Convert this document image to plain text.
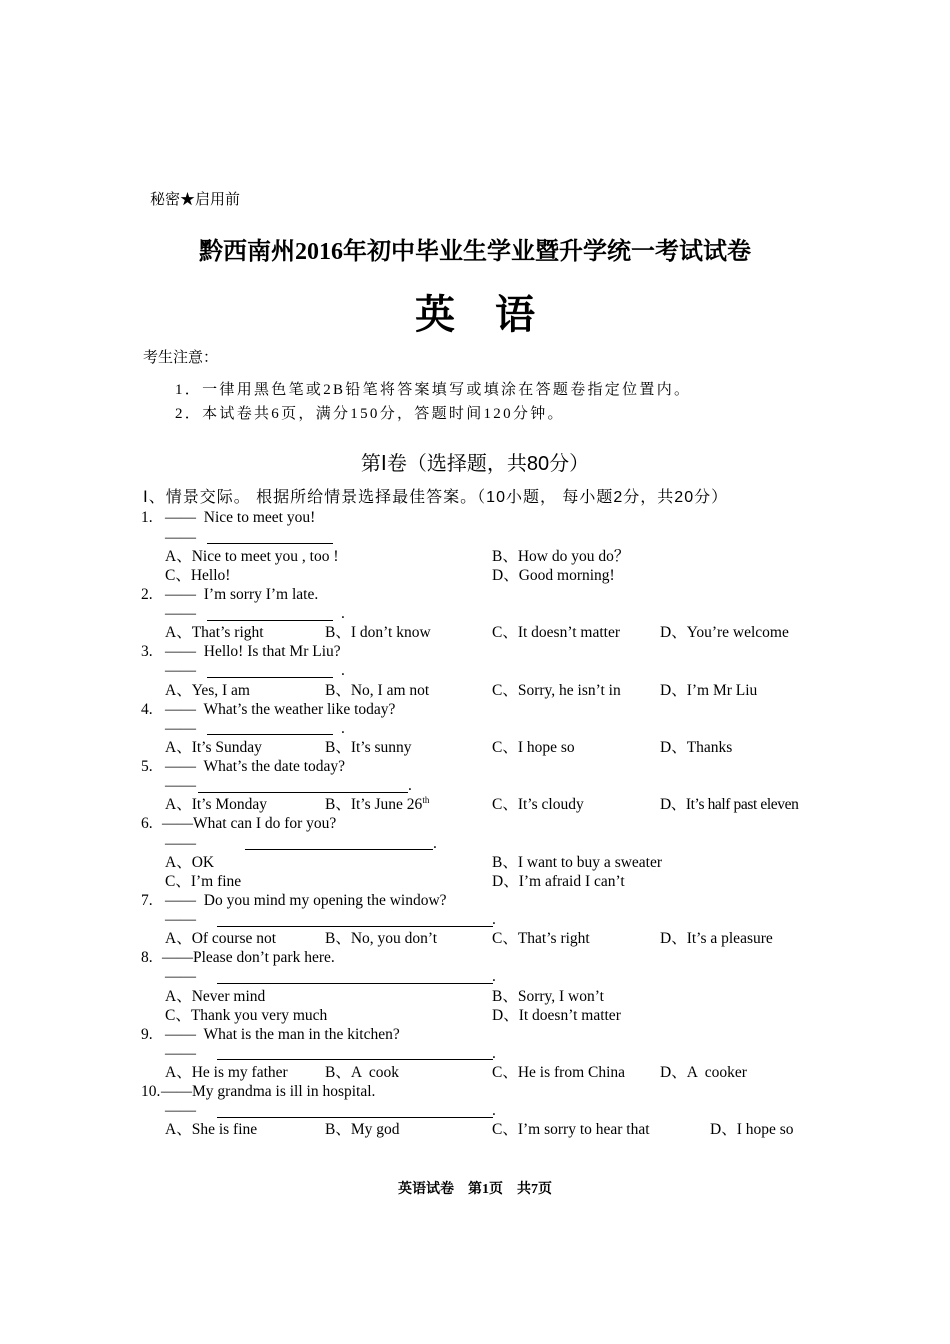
秘密★启用前
黔西南州2016年初中毕业生学业暨升学统一考试试卷
英　语
考生注意：
1．一律用黑色笔或2B铅笔将答案填写或填涂在答题卷指定位置内。
2．本试卷共6页，满分150分，答题时间120分钟。
第Ⅰ卷（选择题，共80分）
Ⅰ、情景交际。 根据所给情景选择最佳答案。（10小题， 每小题2分，共20分）
1. ——  Nice to meet you!
——
A、Nice to meet you , too !	B、How do you do？
C、Hello!	D、Good morning!
2. ——  I’m sorry I’m late.
——	.
A、That’s right	B、I don’t know	C、It doesn’t matter	D、You’re welcome
3. ——  Hello! Is that Mr Liu?
——	.
A、Yes, I am	B、No, I am not	C、Sorry, he isn’t in	D、I’m Mr Liu
4. ——  What’s the weather like today?
——	.
A、It’s Sunday	B、It’s sunny	C、I hope so	D、Thanks
5. ——  What’s the date today?
——	.
A、It’s Monday	B、It’s June 26th	C、It’s cloudy	D、It’s half past eleven
6. ——What can I do for you?
——	.
A、OK	B、I want to buy a sweater
C、I’m fine	D、I’m afraid I can’t
7. ——  Do you mind my opening the window?
——	.
A、Of course not	B、No, you don’t	C、That’s right	D、It’s a pleasure
8. ——Please don’t park here.
——	.
A、Never mind	B、Sorry, I won’t
C、Thank you very much	D、It doesn’t matter
9. ——  What is the man in the kitchen?
——	.
A、He is my father B、A  cook	C、He is from China D、A  cooker
10. ——My grandma is ill in hospital.
——	.
A、She is fine	B、My god	C、I’m sorry to hear that	D、I hope so
英语试卷　第1页　共7页
